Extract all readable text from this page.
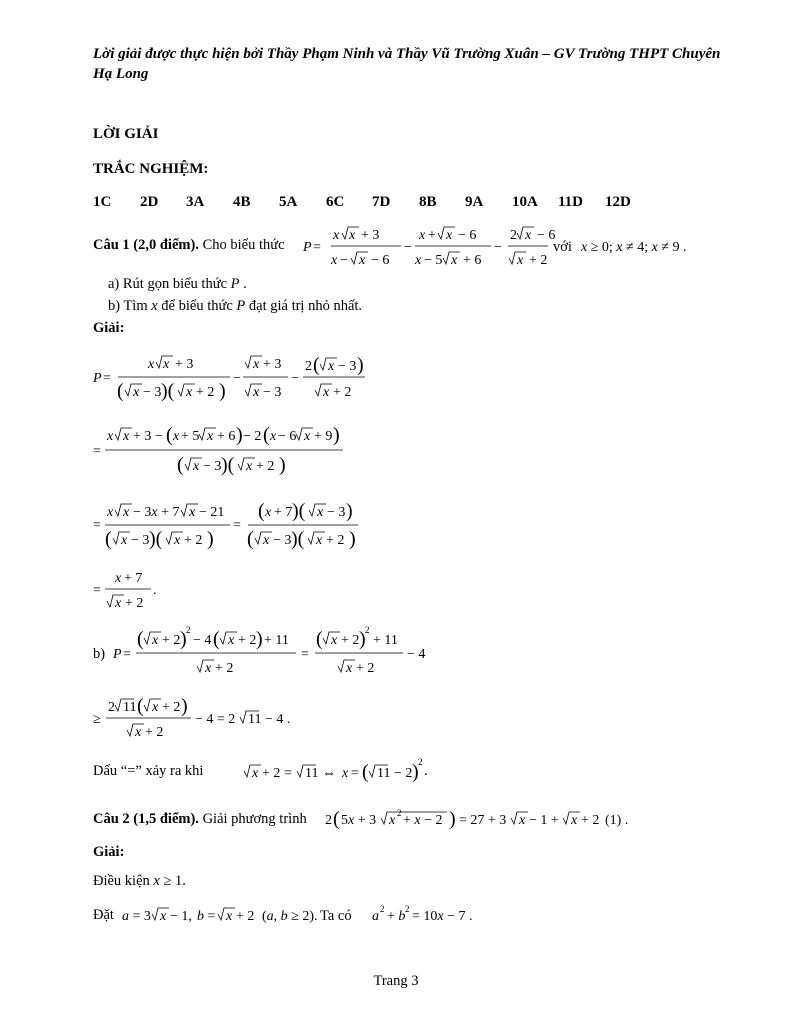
Lời giải được thực hiện bởi Thầy Phạm Ninh và Thầy Vũ Trường Xuân – GV Trường THPT Chuyên Hạ Long
LỜI GIẢI
TRẮC NGHIỆM:
1C 2D 3A 4B 5A 6C 7D 8B 9A 10A 11D 12D
Câu 1 (2,0 điểm). Cho biểu thức P =
x x + 3
x − x − 6
−
x + x − 6
x − 5 x + 6
−
2 x − 6
x + 2
với x ≥ 0; x ≠ 4; x ≠ 9 .
a) Rút gọn biểu thức P .
b) Tìm x để biểu thức P đạt giá trị nhỏ nhất.
Giải:
P =
x x + 3
( x − 3 )( x + 2 )
−
x + 3
x − 3
−
2 ( x − 3 )
x + 2
=
x x + 3 − ( x + 5 x + 6 ) − 2 ( x − 6 x + 9 )
( x − 3 )( x + 2 )
=
x x − 3x + 7 x − 21
( x − 3 )( x + 2 )
=
( x + 7 )( x − 3 )
( x − 3 )( x + 2 )
=
x + 7
x + 2
.
b) P =
( x + 2 ) 2
− 4 ( x + 2 ) + 11
x + 2
=
( x + 2 ) 2
+ 11
x + 2
− 4
≥
2 11 ( x + 2 )
x + 2
− 4 = 2 11 − 4 .
Dấu “=” xảy ra khi	x + 2 = 11 ⇔ x = ( 11 − 2 ) 2
.
Câu 2 (1,5 điểm). Giải phương trình 2 ( 5x + 3 x 2 + x − 2 ) = 27 + 3 x − 1 + x + 2 (1) .
Giải:
Điều kiện x ≥ 1.
Đặt a = 3 x − 1, b = x + 2 (a, b ≥ 2). Ta có a 2 + b 2 = 10x − 7 .
Trang 3
